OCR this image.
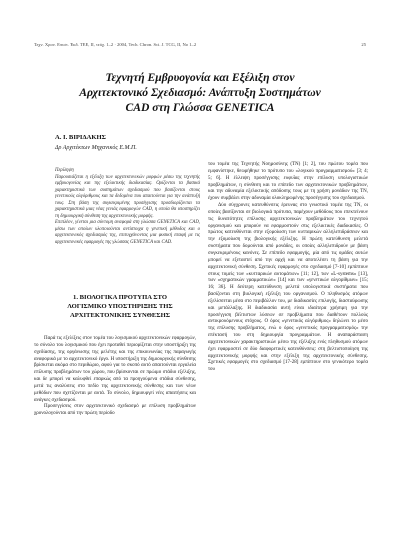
Τεχν. Χρον. Επιστ. Έκδ. ΤΕΕ, ΙΙ, τεύχ. 1–2 · 2004, Tech. Chron. Sci. J. TCG, II, No 1–2	25
Τεχνητή Εμβρυογονία και Εξέλιξη στον
Αρχιτεκτονικό Σχεδιασμό: Ανάπτυξη Συστημάτων
CAD στη Γλώσσα GENETICA
Α. Ι. ΒΙΡΙΔΑΚΗΣ
Δρ Αρχιτέκτων Μηχανικός Ε.Μ.Π.
Περίληψη

Παρουσιάζεται η εξέλιξη των αρχιτεκτονικών μορφών μέσω της τεχνητής εμβρυογονίας και της εξελικτικής διαδικασίας. Ορίζονται τα βασικά χαρακτηριστικά των συστημάτων σχεδιασμού που βασίζονται στους γενετικούς αλγόριθμους και τα δεδομένα που απαιτούνται για την ανάπτυξή τους. Στη βάση της συγκεκριμένης προσέγγισης προσδιορίζονται τα χαρακτηριστικά μιας νέας γενιάς εφαρμογών CAD, η οποία θα υποστηρίζει τη δημιουργική σύνθεση της αρχιτεκτονικής μορφής.

Επιπλέον, γίνεται μια σύντομη αναφορά στη γλώσσα GENETICA και CAD, μέσω των οποίων υλοποιούνται αντίστοιχα η γενετική μέθοδος και ο αρχιτεκτονικός σχεδιασμός της, επιτυγχάνοντας μια φυσική επαφή με τις αρχιτεκτονικές εφαρμογές της γλώσσας GENETICA και CAD.

1. ΒΙΟΛΟΓΙΚΑ ΠΡΟΤΥΠΑ ΣΤΟ
ΛΟΓΙΣΜΙΚΟ ΥΠΟΣΤΗΡΙΞΗΣ ΤΗΣ
ΑΡΧΙΤΕΚΤΟΝΙΚΗΣ ΣΥΝΘΕΣΗΣ

Παρά τις εξελίξεις στον τομέα του λογισμικού αρχιτεκτονικών εφαρμογών, το σύνολο του λογισμικού που έχει προταθεί περιορίζεται στην υποστήριξη της σχεδίασης, της οργάνωσης της μελέτης και της επικοινωνίας της παραγωγής αναφορικά με το αρχιτεκτονικό έργο. Η υποστήριξη της δημιουργικής σύνθεσης βρίσκεται ακόμα στο περιθώριο, αφού για το σκοπό αυτό απαιτούνται εργαλεία επίλυσης προβλημάτων του χώρου, που βρίσκονται σε πρώιμο στάδιο εξέλιξης, και δε μπορεί να καλυφθεί επαρκώς από τα προηγούμενα στάδια σύνθεσης, μετά τις αναλύσεις στο πεδίο της αρχιτεκτονικής σύνθεσης και των νέων μεθόδων που σχετίζονται με αυτά. Το σύνολο, δημιουργεί νέες απαιτήσεις και ανάγκες σχεδιασμού.

Προσεγγίσεις στον αρχιτεκτονικό σχεδιασμό με επίλυση προβλημάτων χρονολογούνται από την πρώτη περίοδο

του τομέα της Τεχνητής Νοημοσύνης (ΤΝ) [1; 2], του πρώτου τομέα που εμφανίστηκε, θεωρήθηκε το πρότυπο του «λογικού προγραμματισμού» [3; 4; 5; 6]. Η έλλειψη προσέγγισης ευφυΐας στην επίλυση υπολογιστικών προβλημάτων, η σύνθεση και το επίπεδο των αρχιτεκτονικών προβλημάτων, και την αδυναμία εξελικτικής απόδοσης τους με τη χρήση μονάδων της ΤΝ, έχουν συμβάλει στην αδυναμία ολοκληρωμένης προσέγγισης του σχεδιασμού.

Δύο σύγχρονες κατευθύνσεις έρευνας στο γνωστικό τομέα της ΤΝ, οι οποίες βασίζονται σε βιολογικά πρότυπα, παρέχουν μεθόδους που επεκτείνουν τις δυνατότητες επίλυσης αρχιτεκτονικών προβλημάτων του τεχνητού οργανισμού και μπορούν να εφαρμοστούν στις εξελικτικές διαδικασίες. Ο πρώτος κατευθύνεται στην εξομοίωση των κυτταρικών αλληλεπιδράσεων και την εξομοίωση της βιολογικής εξέλιξης. Η πρώτη κατεύθυνση μελετά συστήματα που δομούνται από μονάδες, οι οποίες αλληλεπιδρούν με βάση συγκεκριμένους κανόνες. Σε επίπεδο εφαρμογής, μία από τις ομάδες αυτών μπορεί να εξεταστεί από την αρχή και να αποτελέσει τη βάση για την αρχιτεκτονική σύνθεση. Σχετικές εφαρμογές στο σχεδιασμό [7-10] εμπίπτουν στους τομείς των «κυτταρικών αυτομάτων» [11; 12], των «L-systems» [13], των «σχηματικών γραμματικών» [14] και των «γενετικών αλγορίθμων» [15; 16; 36]. Η δεύτερη κατεύθυνση μελετά υπολογιστικά συστήματα που βασίζονται στη βιολογική εξέλιξη του οργανισμού. Ο πληθυσμός ατόμων εξελίσσεται μέσα στο περιβάλλον του, με διαδικασίες επιλογής, διασταύρωσης και μετάλλαξης. Η διαδικασία αυτή είναι ιδιαίτερα χρήσιμη για την προσέγγιση βέλτιστων λύσεων σε προβλήματα που διαθέτουν πολλούς αντικρουόμενους στόχους. Ο όρος «γενετικός αλγόριθμος» δηλώνει το μέσο της επίλυσης προβλήματος, ενώ ο όρος «γενετικός προγραμματισμός» την επέκτασή του στη δημιουργία προγραμμάτων. Η αναπαράσταση αρχιτεκτονικών χαρακτηριστικών μέσω της εξέλιξης ενός πληθυσμού ατόμων έχει εφαρμοστεί σε δύο διαφορετικές κατευθύνσεις: στη βελτιστοποίηση της αρχιτεκτονικής μορφής και στην εξέλιξη της αρχιτεκτονικής σύνθεσης. Σχετικές εφαρμογές στο σχεδιασμό [17-28] εμπίπτουν στο γενικότερο τομέα του
